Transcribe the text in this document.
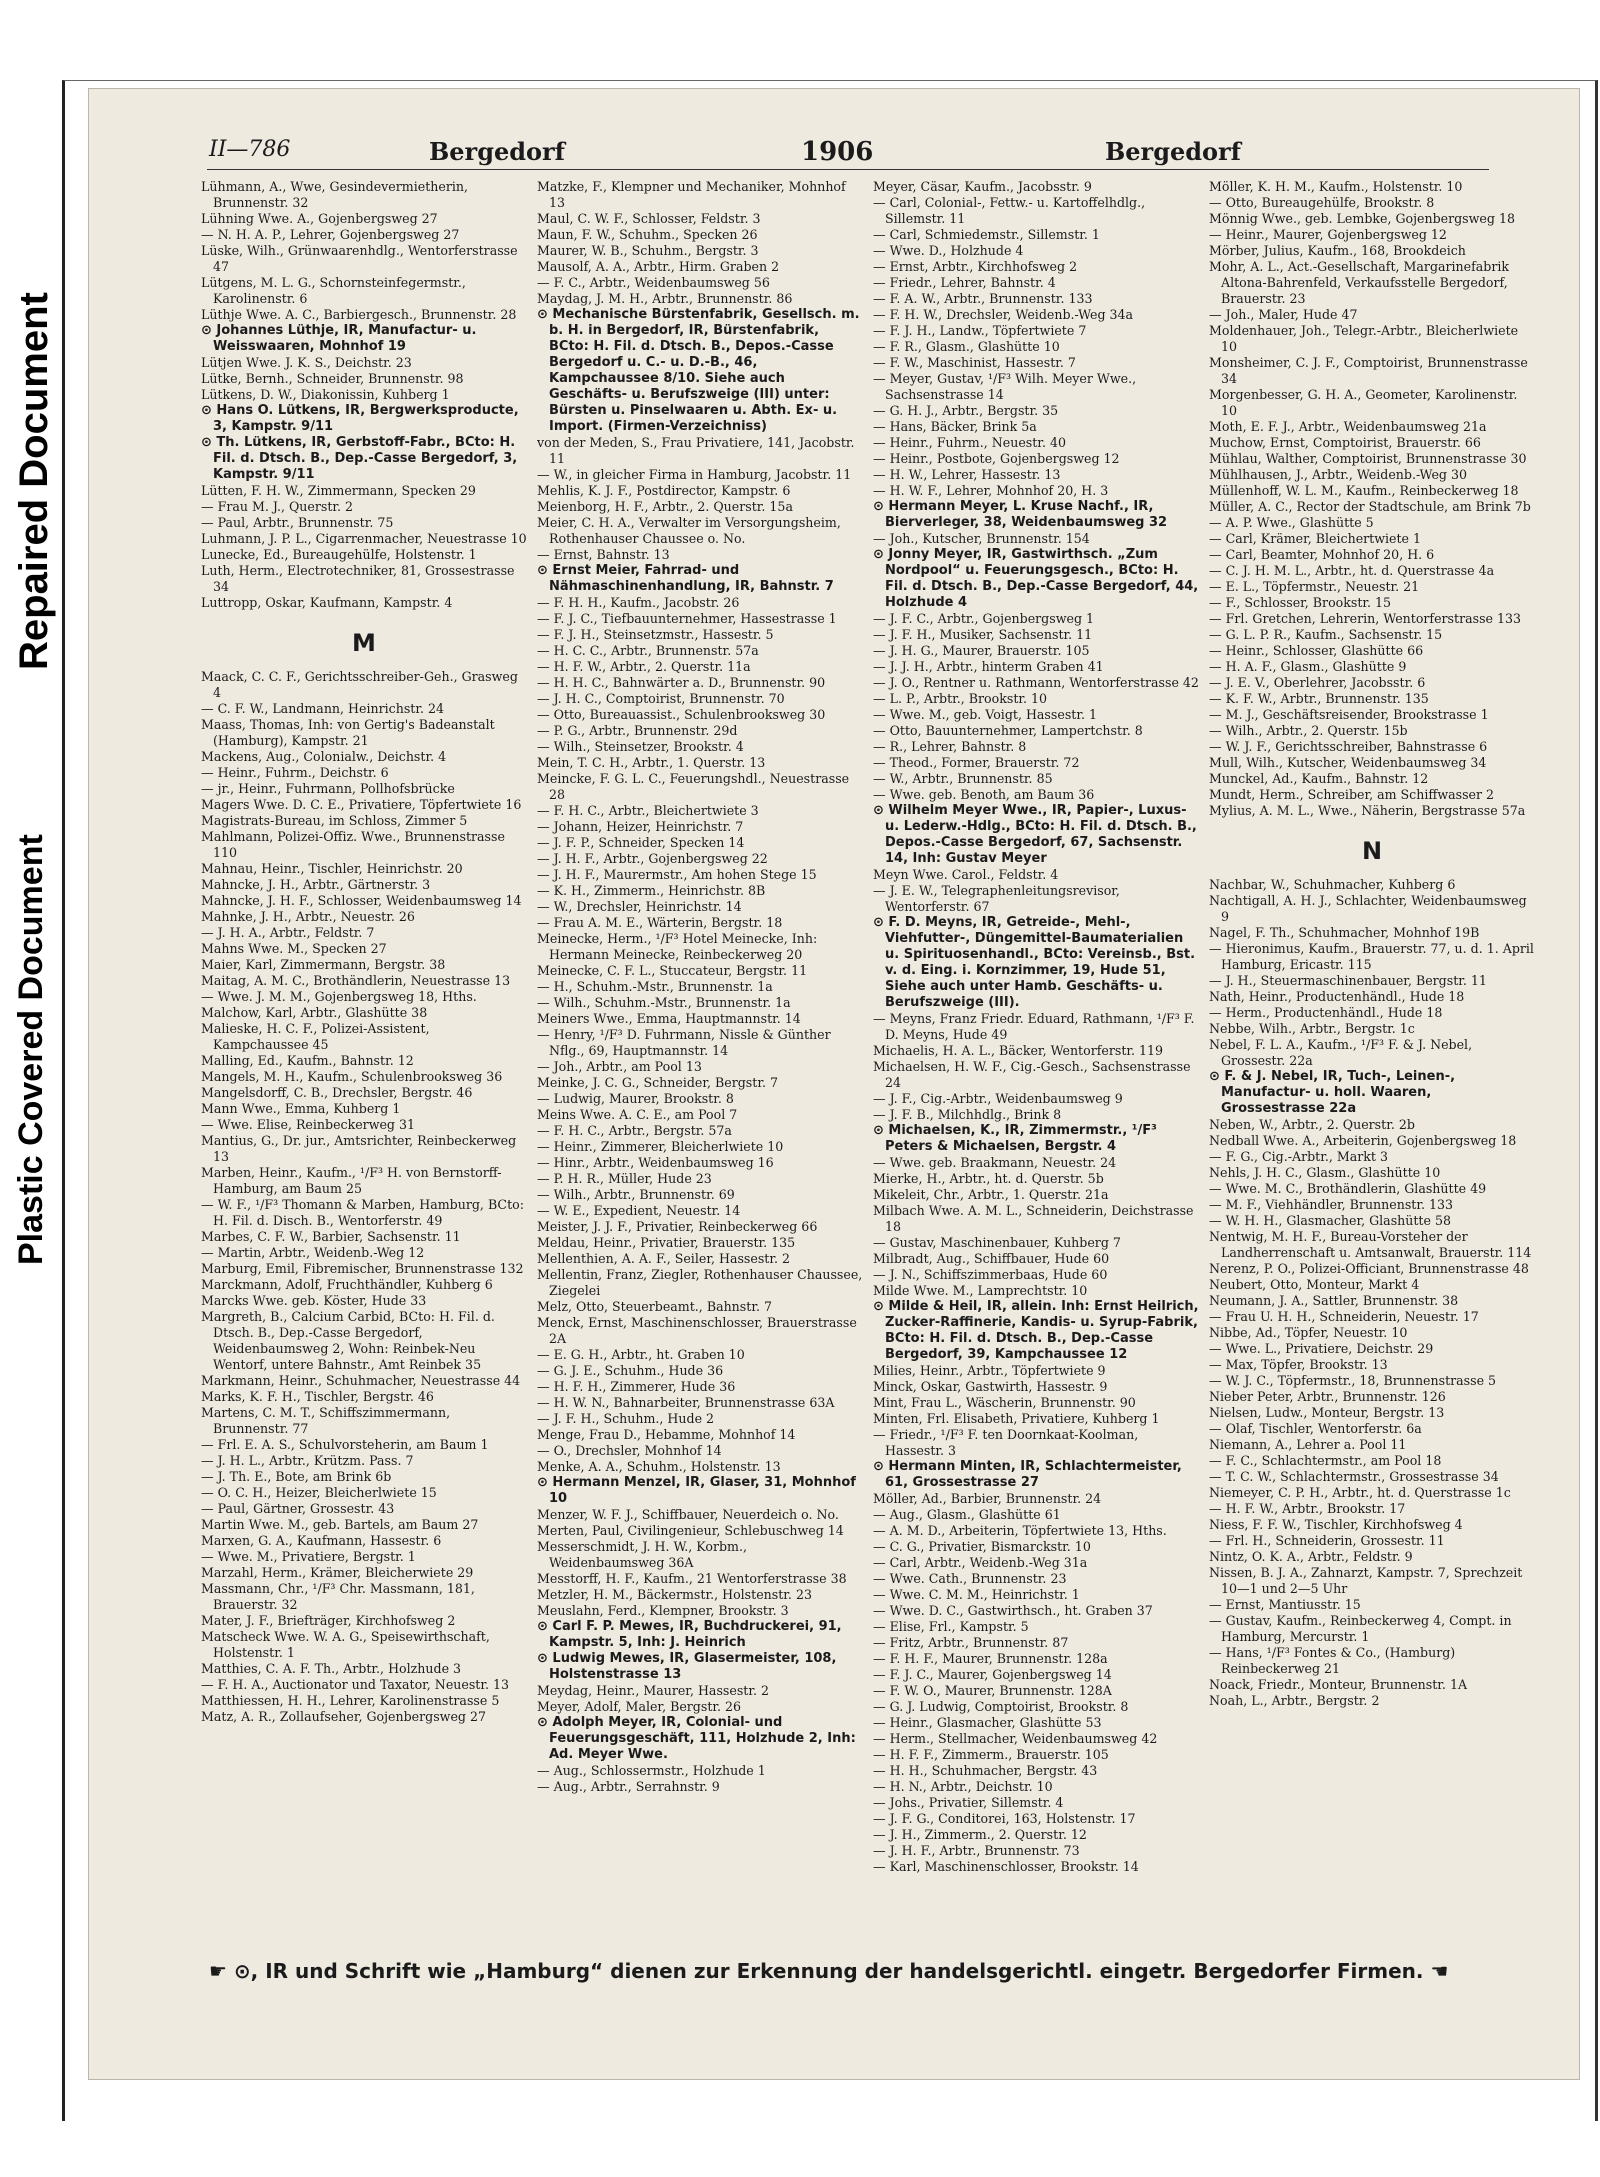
Repaired Document
Plastic Covered Document
II—786	Bergedorf	1906	Bergedorf

Lühmann, A., Wwe, Gesindevermietherin, Brunnenstr. 32

Lühning Wwe. A., Gojenbergsweg 27

— N. H. A. P., Lehrer, Gojenbergsweg 27

Lüske, Wilh., Grünwaarenhdlg., Wentorferstrasse 47

Lütgens, M. L. G., Schornsteinfegermstr., Karolinenstr. 6

Lüthje Wwe. A. C., Barbiergesch., Brunnenstr. 28

⊙ Johannes Lüthje, IR, Manufactur- u. Weisswaaren, Mohnhof 19

Lütjen Wwe. J. K. S., Deichstr. 23

Lütke, Bernh., Schneider, Brunnenstr. 98

Lütkens, D. W., Diakonissin, Kuhberg 1

⊙ Hans O. Lütkens, IR, Bergwerksproducte, 3, Kampstr. 9/11

⊙ Th. Lütkens, IR, Gerbstoff-Fabr., BCto: H. Fil. d. Dtsch. B., Dep.-Casse Bergedorf, 3, Kampstr. 9/11

Lütten, F. H. W., Zimmermann, Specken 29

— Frau M. J., Querstr. 2

— Paul, Arbtr., Brunnenstr. 75

Luhmann, J. P. L., Cigarrenmacher, Neuestrasse 10

Lunecke, Ed., Bureaugehülfe, Holstenstr. 1

Luth, Herm., Electrotechniker, 81, Grossestrasse 34

Luttropp, Oskar, Kaufmann, Kampstr. 4

M

Maack, C. C. F., Gerichtsschreiber-Geh., Grasweg 4

— C. F. W., Landmann, Heinrichstr. 24

Maass, Thomas, Inh: von Gertig's Badeanstalt (Hamburg), Kampstr. 21

Mackens, Aug., Colonialw., Deichstr. 4

— Heinr., Fuhrm., Deichstr. 6

— jr., Heinr., Fuhrmann, Pollhofsbrücke

Magers Wwe. D. C. E., Privatiere, Töpfertwiete 16

Magistrats-Bureau, im Schloss, Zimmer 5

Mahlmann, Polizei-Offiz. Wwe., Brunnenstrasse 110

Mahnau, Heinr., Tischler, Heinrichstr. 20

Mahncke, J. H., Arbtr., Gärtnerstr. 3

Mahncke, J. H. F., Schlosser, Weidenbaumsweg 14

Mahnke, J. H., Arbtr., Neuestr. 26

— J. H. A., Arbtr., Feldstr. 7

Mahns Wwe. M., Specken 27

Maier, Karl, Zimmermann, Bergstr. 38

Maitag, A. M. C., Brothändlerin, Neuestrasse 13

— Wwe. J. M. M., Gojenbergsweg 18, Hths.

Malchow, Karl, Arbtr., Glashütte 38

Malieske, H. C. F., Polizei-Assistent, Kampchaussee 45

Malling, Ed., Kaufm., Bahnstr. 12

Mangels, M. H., Kaufm., Schulenbrooksweg 36

Mangelsdorff, C. B., Drechsler, Bergstr. 46

Mann Wwe., Emma, Kuhberg 1

— Wwe. Elise, Reinbeckerweg 31

Mantius, G., Dr. jur., Amtsrichter, Reinbeckerweg 13

Marben, Heinr., Kaufm., ¹/F³ H. von Bernstorff-Hamburg, am Baum 25

— W. F., ¹/F³ Thomann & Marben, Hamburg, BCto: H. Fil. d. Disch. B., Wentorferstr. 49

Marbes, C. F. W., Barbier, Sachsenstr. 11

— Martin, Arbtr., Weidenb.-Weg 12

Marburg, Emil, Fibremischer, Brunnenstrasse 132

Marckmann, Adolf, Fruchthändler, Kuhberg 6

Marcks Wwe. geb. Köster, Hude 33

Margreth, B., Calcium Carbid, BCto: H. Fil. d. Dtsch. B., Dep.-Casse Bergedorf, Weidenbaumsweg 2, Wohn: Reinbek-Neu Wentorf, untere Bahnstr., Amt Reinbek 35

Markmann, Heinr., Schuhmacher, Neuestrasse 44

Marks, K. F. H., Tischler, Bergstr. 46

Martens, C. M. T., Schiffszimmermann, Brunnenstr. 77

— Frl. E. A. S., Schulvorsteherin, am Baum 1

— J. H. L., Arbtr., Krützm. Pass. 7

— J. Th. E., Bote, am Brink 6b

— O. C. H., Heizer, Bleicherlwiete 15

— Paul, Gärtner, Grossestr. 43

Martin Wwe. M., geb. Bartels, am Baum 27

Marxen, G. A., Kaufmann, Hassestr. 6

— Wwe. M., Privatiere, Bergstr. 1

Marzahl, Herm., Krämer, Bleicherwiete 29

Massmann, Chr., ¹/F³ Chr. Massmann, 181, Brauerstr. 32

Mater, J. F., Briefträger, Kirchhofsweg 2

Matscheck Wwe. W. A. G., Speisewirthschaft, Holstenstr. 1

Matthies, C. A. F. Th., Arbtr., Holzhude 3

— F. H. A., Auctionator und Taxator, Neuestr. 13

Matthiessen, H. H., Lehrer, Karolinenstrasse 5

Matz, A. R., Zollaufseher, Gojenbergsweg 27

Matzke, F., Klempner und Mechaniker, Mohnhof 13

Maul, C. W. F., Schlosser, Feldstr. 3

Maun, F. W., Schuhm., Specken 26

Maurer, W. B., Schuhm., Bergstr. 3

Mausolf, A. A., Arbtr., Hirm. Graben 2

— F. C., Arbtr., Weidenbaumsweg 56

Maydag, J. M. H., Arbtr., Brunnenstr. 86

⊙ Mechanische Bürstenfabrik, Gesellsch. m. b. H. in Bergedorf, IR, Bürstenfabrik, BCto: H. Fil. d. Dtsch. B., Depos.-Casse Bergedorf u. C.- u. D.-B., 46, Kampchaussee 8/10. Siehe auch Geschäfts- u. Berufszweige (III) unter: Bürsten u. Pinselwaaren u. Abth. Ex- u. Import. (Firmen-Verzeichniss)

von der Meden, S., Frau Privatiere, 141, Jacobstr. 11

— W., in gleicher Firma in Hamburg, Jacobstr. 11

Mehlis, K. J. F., Postdirector, Kampstr. 6

Meienborg, H. F., Arbtr., 2. Querstr. 15a

Meier, C. H. A., Verwalter im Versorgungsheim, Rothenhauser Chaussee o. No.

— Ernst, Bahnstr. 13

⊙ Ernst Meier, Fahrrad- und Nähmaschinenhandlung, IR, Bahnstr. 7

— F. H. H., Kaufm., Jacobstr. 26

— F. J. C., Tiefbauunternehmer, Hassestrasse 1

— F. J. H., Steinsetzmstr., Hassestr. 5

— H. C. C., Arbtr., Brunnenstr. 57a

— H. F. W., Arbtr., 2. Querstr. 11a

— H. H. C., Bahnwärter a. D., Brunnenstr. 90

— J. H. C., Comptoirist, Brunnenstr. 70

— Otto, Bureauassist., Schulenbrooksweg 30

— P. G., Arbtr., Brunnenstr. 29d

— Wilh., Steinsetzer, Brookstr. 4

Mein, T. C. H., Arbtr., 1. Querstr. 13

Meincke, F. G. L. C., Feuerungshdl., Neuestrasse 28

— F. H. C., Arbtr., Bleichertwiete 3

— Johann, Heizer, Heinrichstr. 7

— J. F. P., Schneider, Specken 14

— J. H. F., Arbtr., Gojenbergsweg 22

— J. H. F., Maurermstr., Am hohen Stege 15

— K. H., Zimmerm., Heinrichstr. 8B

— W., Drechsler, Heinrichstr. 14

— Frau A. M. E., Wärterin, Bergstr. 18

Meinecke, Herm., ¹/F³ Hotel Meinecke, Inh: Hermann Meinecke, Reinbeckerweg 20

Meinecke, C. F. L., Stuccateur, Bergstr. 11

— H., Schuhm.-Mstr., Brunnenstr. 1a

— Wilh., Schuhm.-Mstr., Brunnenstr. 1a

Meiners Wwe., Emma, Hauptmannstr. 14

— Henry, ¹/F³ D. Fuhrmann, Nissle & Günther Nflg., 69, Hauptmannstr. 14

— Joh., Arbtr., am Pool 13

Meinke, J. C. G., Schneider, Bergstr. 7

— Ludwig, Maurer, Brookstr. 8

Meins Wwe. A. C. E., am Pool 7

— F. H. C., Arbtr., Bergstr. 57a

— Heinr., Zimmerer, Bleicherlwiete 10

— Hinr., Arbtr., Weidenbaumsweg 16

— P. H. R., Müller, Hude 23

— Wilh., Arbtr., Brunnenstr. 69

— W. E., Expedient, Neuestr. 14

Meister, J. J. F., Privatier, Reinbeckerweg 66

Meldau, Heinr., Privatier, Brauerstr. 135

Mellenthien, A. A. F., Seiler, Hassestr. 2

Mellentin, Franz, Ziegler, Rothenhauser Chaussee, Ziegelei

Melz, Otto, Steuerbeamt., Bahnstr. 7

Menck, Ernst, Maschinenschlosser, Brauerstrasse 2A

— E. G. H., Arbtr., ht. Graben 10

— G. J. E., Schuhm., Hude 36

— H. F. H., Zimmerer, Hude 36

— H. W. N., Bahnarbeiter, Brunnenstrasse 63A

— J. F. H., Schuhm., Hude 2

Menge, Frau D., Hebamme, Mohnhof 14

— O., Drechsler, Mohnhof 14

Menke, A. A., Schuhm., Holstenstr. 13

⊙ Hermann Menzel, IR, Glaser, 31, Mohnhof 10

Menzer, W. F. J., Schiffbauer, Neuerdeich o. No.

Merten, Paul, Civilingenieur, Schlebuschweg 14

Messerschmidt, J. H. W., Korbm., Weidenbaumsweg 36A

Messtorff, H. F., Kaufm., 21 Wentorferstrasse 38

Metzler, H. M., Bäckermstr., Holstenstr. 23

Meuslahn, Ferd., Klempner, Brookstr. 3

⊙ Carl F. P. Mewes, IR, Buchdruckerei, 91, Kampstr. 5, Inh: J. Heinrich

⊙ Ludwig Mewes, IR, Glasermeister, 108, Holstenstrasse 13

Meydag, Heinr., Maurer, Hassestr. 2

Meyer, Adolf, Maler, Bergstr. 26

⊙ Adolph Meyer, IR, Colonial- und Feuerungsgeschäft, 111, Holzhude 2, Inh: Ad. Meyer Wwe.

— Aug., Schlossermstr., Holzhude 1

— Aug., Arbtr., Serrahnstr. 9

Meyer, Cäsar, Kaufm., Jacobsstr. 9

— Carl, Colonial-, Fettw.- u. Kartoffelhdlg., Sillemstr. 11

— Carl, Schmiedemstr., Sillemstr. 1

— Wwe. D., Holzhude 4

— Ernst, Arbtr., Kirchhofsweg 2

— Friedr., Lehrer, Bahnstr. 4

— F. A. W., Arbtr., Brunnenstr. 133

— F. H. W., Drechsler, Weidenb.-Weg 34a

— F. J. H., Landw., Töpfertwiete 7

— F. R., Glasm., Glashütte 10

— F. W., Maschinist, Hassestr. 7

— Meyer, Gustav, ¹/F³ Wilh. Meyer Wwe., Sachsenstrasse 14

— G. H. J., Arbtr., Bergstr. 35

— Hans, Bäcker, Brink 5a

— Heinr., Fuhrm., Neuestr. 40

— Heinr., Postbote, Gojenbergsweg 12

— H. W., Lehrer, Hassestr. 13

— H. W. F., Lehrer, Mohnhof 20, H. 3

⊙ Hermann Meyer, L. Kruse Nachf., IR, Bierverleger, 38, Weidenbaumsweg 32

— Joh., Kutscher, Brunnenstr. 154

⊙ Jonny Meyer, IR, Gastwirthsch. „Zum Nordpool“ u. Feuerungsgesch., BCto: H. Fil. d. Dtsch. B., Dep.-Casse Bergedorf, 44, Holzhude 4

— J. F. C., Arbtr., Gojenbergsweg 1

— J. F. H., Musiker, Sachsenstr. 11

— J. H. G., Maurer, Brauerstr. 105

— J. J. H., Arbtr., hinterm Graben 41

— J. O., Rentner u. Rathmann, Wentorferstrasse 42

— L. P., Arbtr., Brookstr. 10

— Wwe. M., geb. Voigt, Hassestr. 1

— Otto, Bauunternehmer, Lampertchstr. 8

— R., Lehrer, Bahnstr. 8

— Theod., Former, Brauerstr. 72

— W., Arbtr., Brunnenstr. 85

— Wwe. geb. Benoth, am Baum 36

⊙ Wilhelm Meyer Wwe., IR, Papier-, Luxus- u. Lederw.-Hdlg., BCto: H. Fil. d. Dtsch. B., Depos.-Casse Bergedorf, 67, Sachsenstr. 14, Inh: Gustav Meyer

Meyn Wwe. Carol., Feldstr. 4

— J. E. W., Telegraphenleitungsrevisor, Wentorferstr. 67

⊙ F. D. Meyns, IR, Getreide-, Mehl-, Viehfutter-, Düngemittel-Baumaterialien u. Spirituosenhandl., BCto: Vereinsb., Bst. v. d. Eing. i. Kornzimmer, 19, Hude 51, Siehe auch unter Hamb. Geschäfts- u. Berufszweige (III).

— Meyns, Franz Friedr. Eduard, Rathmann, ¹/F³ F. D. Meyns, Hude 49

Michaelis, H. A. L., Bäcker, Wentorferstr. 119

Michaelsen, H. W. F., Cig.-Gesch., Sachsenstrasse 24

— J. F., Cig.-Arbtr., Weidenbaumsweg 9

— J. F. B., Milchhdlg., Brink 8

⊙ Michaelsen, K., IR, Zimmermstr., ¹/F³ Peters & Michaelsen, Bergstr. 4

— Wwe. geb. Braakmann, Neuestr. 24

Mierke, H., Arbtr., ht. d. Querstr. 5b

Mikeleit, Chr., Arbtr., 1. Querstr. 21a

Milbach Wwe. A. M. L., Schneiderin, Deichstrasse 18

— Gustav, Maschinenbauer, Kuhberg 7

Milbradt, Aug., Schiffbauer, Hude 60

— J. N., Schiffszimmerbaas, Hude 60

Milde Wwe. M., Lamprechtstr. 10

⊙ Milde & Heil, IR, allein. Inh: Ernst Heilrich, Zucker-Raffinerie, Kandis- u. Syrup-Fabrik, BCto: H. Fil. d. Dtsch. B., Dep.-Casse Bergedorf, 39, Kampchaussee 12

Milies, Heinr., Arbtr., Töpfertwiete 9

Minck, Oskar, Gastwirth, Hassestr. 9

Mint, Frau L., Wäscherin, Brunnenstr. 90

Minten, Frl. Elisabeth, Privatiere, Kuhberg 1

— Friedr., ¹/F³ F. ten Doornkaat-Koolman, Hassestr. 3

⊙ Hermann Minten, IR, Schlachtermeister, 61, Grossestrasse 27

Möller, Ad., Barbier, Brunnenstr. 24

— Aug., Glasm., Glashütte 61

— A. M. D., Arbeiterin, Töpfertwiete 13, Hths.

— C. G., Privatier, Bismarckstr. 10

— Carl, Arbtr., Weidenb.-Weg 31a

— Wwe. Cath., Brunnenstr. 23

— Wwe. C. M. M., Heinrichstr. 1

— Wwe. D. C., Gastwirthsch., ht. Graben 37

— Elise, Frl., Kampstr. 5

— Fritz, Arbtr., Brunnenstr. 87

— F. H. F., Maurer, Brunnenstr. 128a

— F. J. C., Maurer, Gojenbergsweg 14

— F. W. O., Maurer, Brunnenstr. 128A

— G. J. Ludwig, Comptoirist, Brookstr. 8

— Heinr., Glasmacher, Glashütte 53

— Herm., Stellmacher, Weidenbaumsweg 42

— H. F. F., Zimmerm., Brauerstr. 105

— H. H., Schuhmacher, Bergstr. 43

— H. N., Arbtr., Deichstr. 10

— Johs., Privatier, Sillemstr. 4

— J. F. G., Conditorei, 163, Holstenstr. 17

— J. H., Zimmerm., 2. Querstr. 12

— J. H. F., Arbtr., Brunnenstr. 73

— Karl, Maschinenschlosser, Brookstr. 14

Möller, K. H. M., Kaufm., Holstenstr. 10

— Otto, Bureaugehülfe, Brookstr. 8

Mönnig Wwe., geb. Lembke, Gojenbergsweg 18

— Heinr., Maurer, Gojenbergsweg 12

Mörber, Julius, Kaufm., 168, Brookdeich

Mohr, A. L., Act.-Gesellschaft, Margarinefabrik Altona-Bahrenfeld, Verkaufsstelle Bergedorf, Brauerstr. 23

— Joh., Maler, Hude 47

Moldenhauer, Joh., Telegr.-Arbtr., Bleicherlwiete 10

Monsheimer, C. J. F., Comptoirist, Brunnenstrasse 34

Morgenbesser, G. H. A., Geometer, Karolinenstr. 10

Moth, E. F. J., Arbtr., Weidenbaumsweg 21a

Muchow, Ernst, Comptoirist, Brauerstr. 66

Mühlau, Walther, Comptoirist, Brunnenstrasse 30

Mühlhausen, J., Arbtr., Weidenb.-Weg 30

Müllenhoff, W. L. M., Kaufm., Reinbeckerweg 18

Müller, A. C., Rector der Stadtschule, am Brink 7b

— A. P. Wwe., Glashütte 5

— Carl, Krämer, Bleichertwiete 1

— Carl, Beamter, Mohnhof 20, H. 6

— C. J. H. M. L., Arbtr., ht. d. Querstrasse 4a

— E. L., Töpfermstr., Neuestr. 21

— F., Schlosser, Brookstr. 15

— Frl. Gretchen, Lehrerin, Wentorferstrasse 133

— G. L. P. R., Kaufm., Sachsenstr. 15

— Heinr., Schlosser, Glashütte 66

— H. A. F., Glasm., Glashütte 9

— J. E. V., Oberlehrer, Jacobsstr. 6

— K. F. W., Arbtr., Brunnenstr. 135

— M. J., Geschäftsreisender, Brookstrasse 1

— Wilh., Arbtr., 2. Querstr. 15b

— W. J. F., Gerichtsschreiber, Bahnstrasse 6

Mull, Wilh., Kutscher, Weidenbaumsweg 34

Munckel, Ad., Kaufm., Bahnstr. 12

Mundt, Herm., Schreiber, am Schiffwasser 2

Mylius, A. M. L., Wwe., Näherin, Bergstrasse 57a

N

Nachbar, W., Schuhmacher, Kuhberg 6

Nachtigall, A. H. J., Schlachter, Weidenbaumsweg 9

Nagel, F. Th., Schuhmacher, Mohnhof 19B

— Hieronimus, Kaufm., Brauerstr. 77, u. d. 1. April Hamburg, Ericastr. 115

— J. H., Steuermaschinenbauer, Bergstr. 11

Nath, Heinr., Productenhändl., Hude 18

— Herm., Productenhändl., Hude 18

Nebbe, Wilh., Arbtr., Bergstr. 1c

Nebel, F. L. A., Kaufm., ¹/F³ F. & J. Nebel, Grossestr. 22a

⊙ F. & J. Nebel, IR, Tuch-, Leinen-, Manufactur- u. holl. Waaren, Grossestrasse 22a

Neben, W., Arbtr., 2. Querstr. 2b

Nedball Wwe. A., Arbeiterin, Gojenbergsweg 18

— F. G., Cig.-Arbtr., Markt 3

Nehls, J. H. C., Glasm., Glashütte 10

— Wwe. M. C., Brothändlerin, Glashütte 49

— M. F., Viehhändler, Brunnenstr. 133

— W. H. H., Glasmacher, Glashütte 58

Nentwig, M. H. F., Bureau-Vorsteher der Landherrenschaft u. Amtsanwalt, Brauerstr. 114

Nerenz, P. O., Polizei-Officiant, Brunnenstrasse 48

Neubert, Otto, Monteur, Markt 4

Neumann, J. A., Sattler, Brunnenstr. 38

— Frau U. H. H., Schneiderin, Neuestr. 17

Nibbe, Ad., Töpfer, Neuestr. 10

— Wwe. L., Privatiere, Deichstr. 29

— Max, Töpfer, Brookstr. 13

— W. J. C., Töpfermstr., 18, Brunnenstrasse 5

Nieber Peter, Arbtr., Brunnenstr. 126

Nielsen, Ludw., Monteur, Bergstr. 13

— Olaf, Tischler, Wentorferstr. 6a

Niemann, A., Lehrer a. Pool 11

— F. C., Schlachtermstr., am Pool 18

— T. C. W., Schlachtermstr., Grossestrasse 34

Niemeyer, C. P. H., Arbtr., ht. d. Querstrasse 1c

— H. F. W., Arbtr., Brookstr. 17

Niess, F. F. W., Tischler, Kirchhofsweg 4

— Frl. H., Schneiderin, Grossestr. 11

Nintz, O. K. A., Arbtr., Feldstr. 9

Nissen, B. J. A., Zahnarzt, Kampstr. 7, Sprechzeit 10—1 und 2—5 Uhr

— Ernst, Mantiusstr. 15

— Gustav, Kaufm., Reinbeckerweg 4, Compt. in Hamburg, Mercurstr. 1

— Hans, ¹/F³ Fontes & Co., (Hamburg) Reinbeckerweg 21

Noack, Friedr., Monteur, Brunnenstr. 1A

Noah, L., Arbtr., Bergstr. 2

☛ ⊙, IR und Schrift wie „Hamburg“ dienen zur Erkennung der handelsgerichtl. eingetr. Bergedorfer Firmen. ☚
